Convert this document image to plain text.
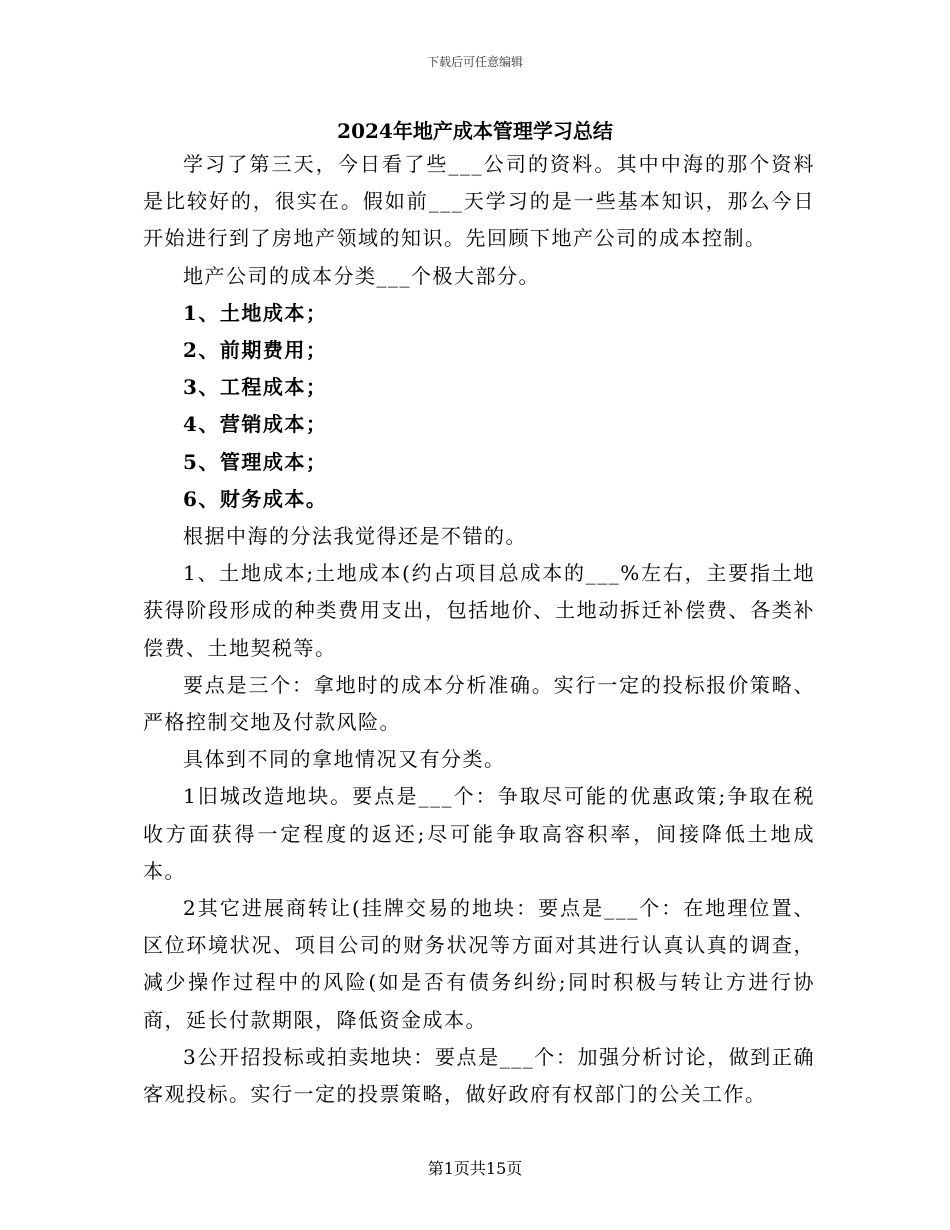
下载后可任意编辑
2024年地产成本管理学习总结

学习了第三天，今日看了些___公司的资料。其中中海的那个资料是比较好的，很实在。假如前___天学习的是一些基本知识，那么今日开始进行到了房地产领域的知识。先回顾下地产公司的成本控制。

地产公司的成本分类___个极大部分。

1、土地成本；

2、前期费用；

3、工程成本；

4、营销成本；

5、管理成本；

6、财务成本。

根据中海的分法我觉得还是不错的。

1、土地成本;土地成本(约占项目总成本的___%左右，主要指土地获得阶段形成的种类费用支出，包括地价、土地动拆迁补偿费、各类补偿费、土地契税等。

要点是三个：拿地时的成本分析准确。实行一定的投标报价策略、严格控制交地及付款风险。

具体到不同的拿地情况又有分类。

1旧城改造地块。要点是___个：争取尽可能的优惠政策;争取在税收方面获得一定程度的返还;尽可能争取高容积率，间接降低土地成本。

2其它进展商转让(挂牌交易的地块：要点是___个：在地理位置、区位环境状况、项目公司的财务状况等方面对其进行认真认真的调查，减少操作过程中的风险(如是否有债务纠纷;同时积极与转让方进行协商，延长付款期限，降低资金成本。

3公开招投标或拍卖地块：要点是___个：加强分析讨论，做到正确客观投标。实行一定的投票策略，做好政府有权部门的公关工作。

第1页共15页
